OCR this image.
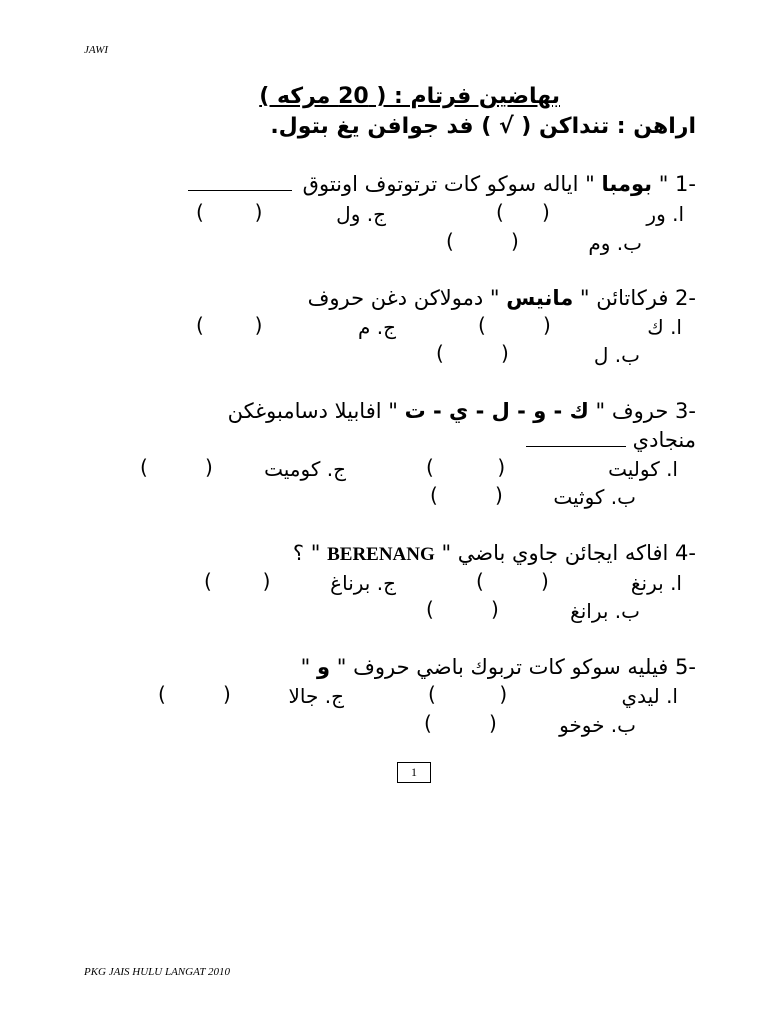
JAWI
PKG JAIS HULU LANGAT 2010
بهاضين فرتام : ( 20 مركه )
اراهن : تنداكن ( √ ) فد جوافن يغ بتول.
-1 " بومبا " اياله سوكو كات ترتوتوف اونتوق
ا. ور
( )
ج. ول
(	)
ب. وم
(	)
-2 فركاتائن " مانيس " دمولاكن دغن حروف
ا. ك
(	)
ج. م
(	)
ب. ل
(	)
-3 حروف " ك - و - ل - ي - ت " افابيلا دسامبوغكن
منجادي
ا. كوليت
(	)
ج. كوميت
(	)
ب. كوثيت
(	)
-4 افاكه ايجائن جاوي باضي " BERENANG " ؟
ا. برنغ
(	)
ج. برناغ
(	)
ب. برانغ
(	)
-5 فيليه سوكو كات تربوك باضي حروف " و "
ا. ليدي
(	)
ج. جالا
(	)
ب. خوخو
(	)
1
